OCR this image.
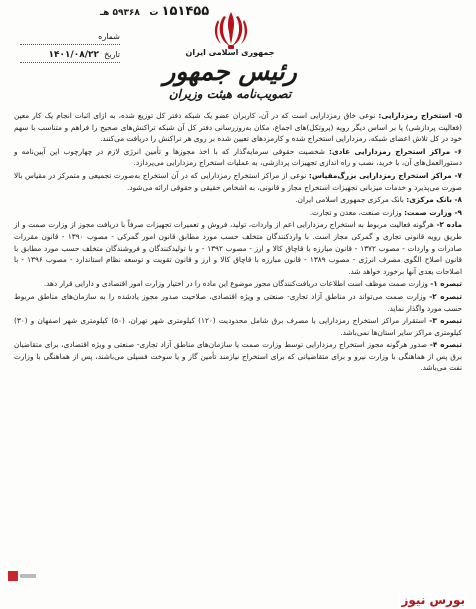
۱۵۱۴۵۵ ت   ۵۹۳۶۸ هـ
شماره
تاریخ  ۱۴۰۱/۰۸/۲۲	جمهوری اسلامی ایران
رئیس جمهور
تصویب‌نامه هیئت وزیران

۵- استخراج رمزدارایی: نوعی خاق رمزدارایی است که در آن، کاربران عضو یک شبکه دفتر کل توزیع شده، به ازای اثبات انجام یک کار معین (فعالیت پردازشی) یا بر اساس دیگر رویه (پروتکل)‌های اجماع، مکان به‌روزرسانی دفتر کل آن شبکه تراکنش‌های صحیح را فراهم و متناسب با سهم خود در کل تلاش اعضای شبکه، رمزدارایی استخراج شده و کارمزدهای تعیین شده بر روی هر تراکنش را دریافت می‌کنند.

۶- مراکز استخراج رمزدارایی عادی: شخصیت حقوقی سرمایه‌گذار که با اخذ مجوزها و تأمین انرژی لازم در چهارچوب این آیین‌نامه و دستورالعمل‌های آن، با خرید، نصب و راه اندازی تجهیزات پردازشی، به عملیات استخراج رمزدارایی می‌پردازد.

۷- مراکز استخراج رمزدارایی بزرگ‌مقیاس: نوعی از مراکز استخراج رمزدارایی که در آن استخراج به‌صورت تجمیعی و متمرکز در مقیاس بالا صورت می‌پذیرد و خدمات میزبانی تجهیزات استخراج مجاز و قانونی، به اشخاص حقیقی و حقوقی ارائه می‌شود.

۸- بانک مرکزی: بانک مرکزی جمهوری اسلامی ایران.

۹- وزارت صمت: وزارت صنعت، معدن و تجارت.

ماده ۲- هرگونه فعالیت مربوط به استخراج رمزدارایی اعم از واردات، تولید، فروش و تعمیرات تجهیزات صرفاً با دریافت مجوز از وزارت صمت و از طریق رویه قانونی تجاری و گمرکی مجاز است. با واردکنندگان متخلف حسب مورد مطابق قانون امور گمرکی - مصوب ۱۳۹۰ - قانون مقررات صادرات و واردات - مصوب ۱۳۷۲ - قانون مبارزه با قاچاق کالا و ارز - مصوب ۱۳۹۲ - و با تولیدکنندگان و فروشندگان متخلف حسب مورد مطابق با قانون اصلاح الگوی مصرف انرژی - مصوب ۱۳۸۹ - قانون مبارزه با قاچاق کالا و ارز و قانون تقویت و توسعه نظام استاندارد - مصوب ۱۳۹۶ - با اصلاحات بعدی آنها برخورد خواهد شد.

تبصره ۱- وزارت صمت موظف است اطلاعات دریافت‌کنندگان مجوز موضوع این ماده را در اختیار وزارت امور اقتصادی و دارایی قرار دهد.

تبصره ۲- وزارت صمت می‌تواند در مناطق آزاد تجاری- صنعتی و ویژه اقتصادی، صلاحیت صدور مجوز یادشده را به سازمان‌های مناطق مربوط حسب مورد واگذار نماید.

تبصره ۳- استقرار مراکز استخراج رمزدارایی با مصرف برق شامل محدودیت (۱۲۰) کیلومتری شهر تهران، (۵۰) کیلومتری شهر اصفهان و (۳۰) کیلومتری مراکز سایر استان‌ها نمی‌باشد.

تبصره ۴- صدور هرگونه مجوز استخراج رمزدارایی توسط وزارت صمت یا سازمان‌های مناطق آزاد تجاری- صنعتی و ویژه اقتصادی، برای متقاضیان برق پس از هماهنگی با وزارت نیرو و برای متقاضیانی که برای استخراج نیازمند تأمین گاز و یا سوخت فسیلی می‌باشند، پس از هماهنگی با وزارت نفت می‌باشد.

بورس نیوز
